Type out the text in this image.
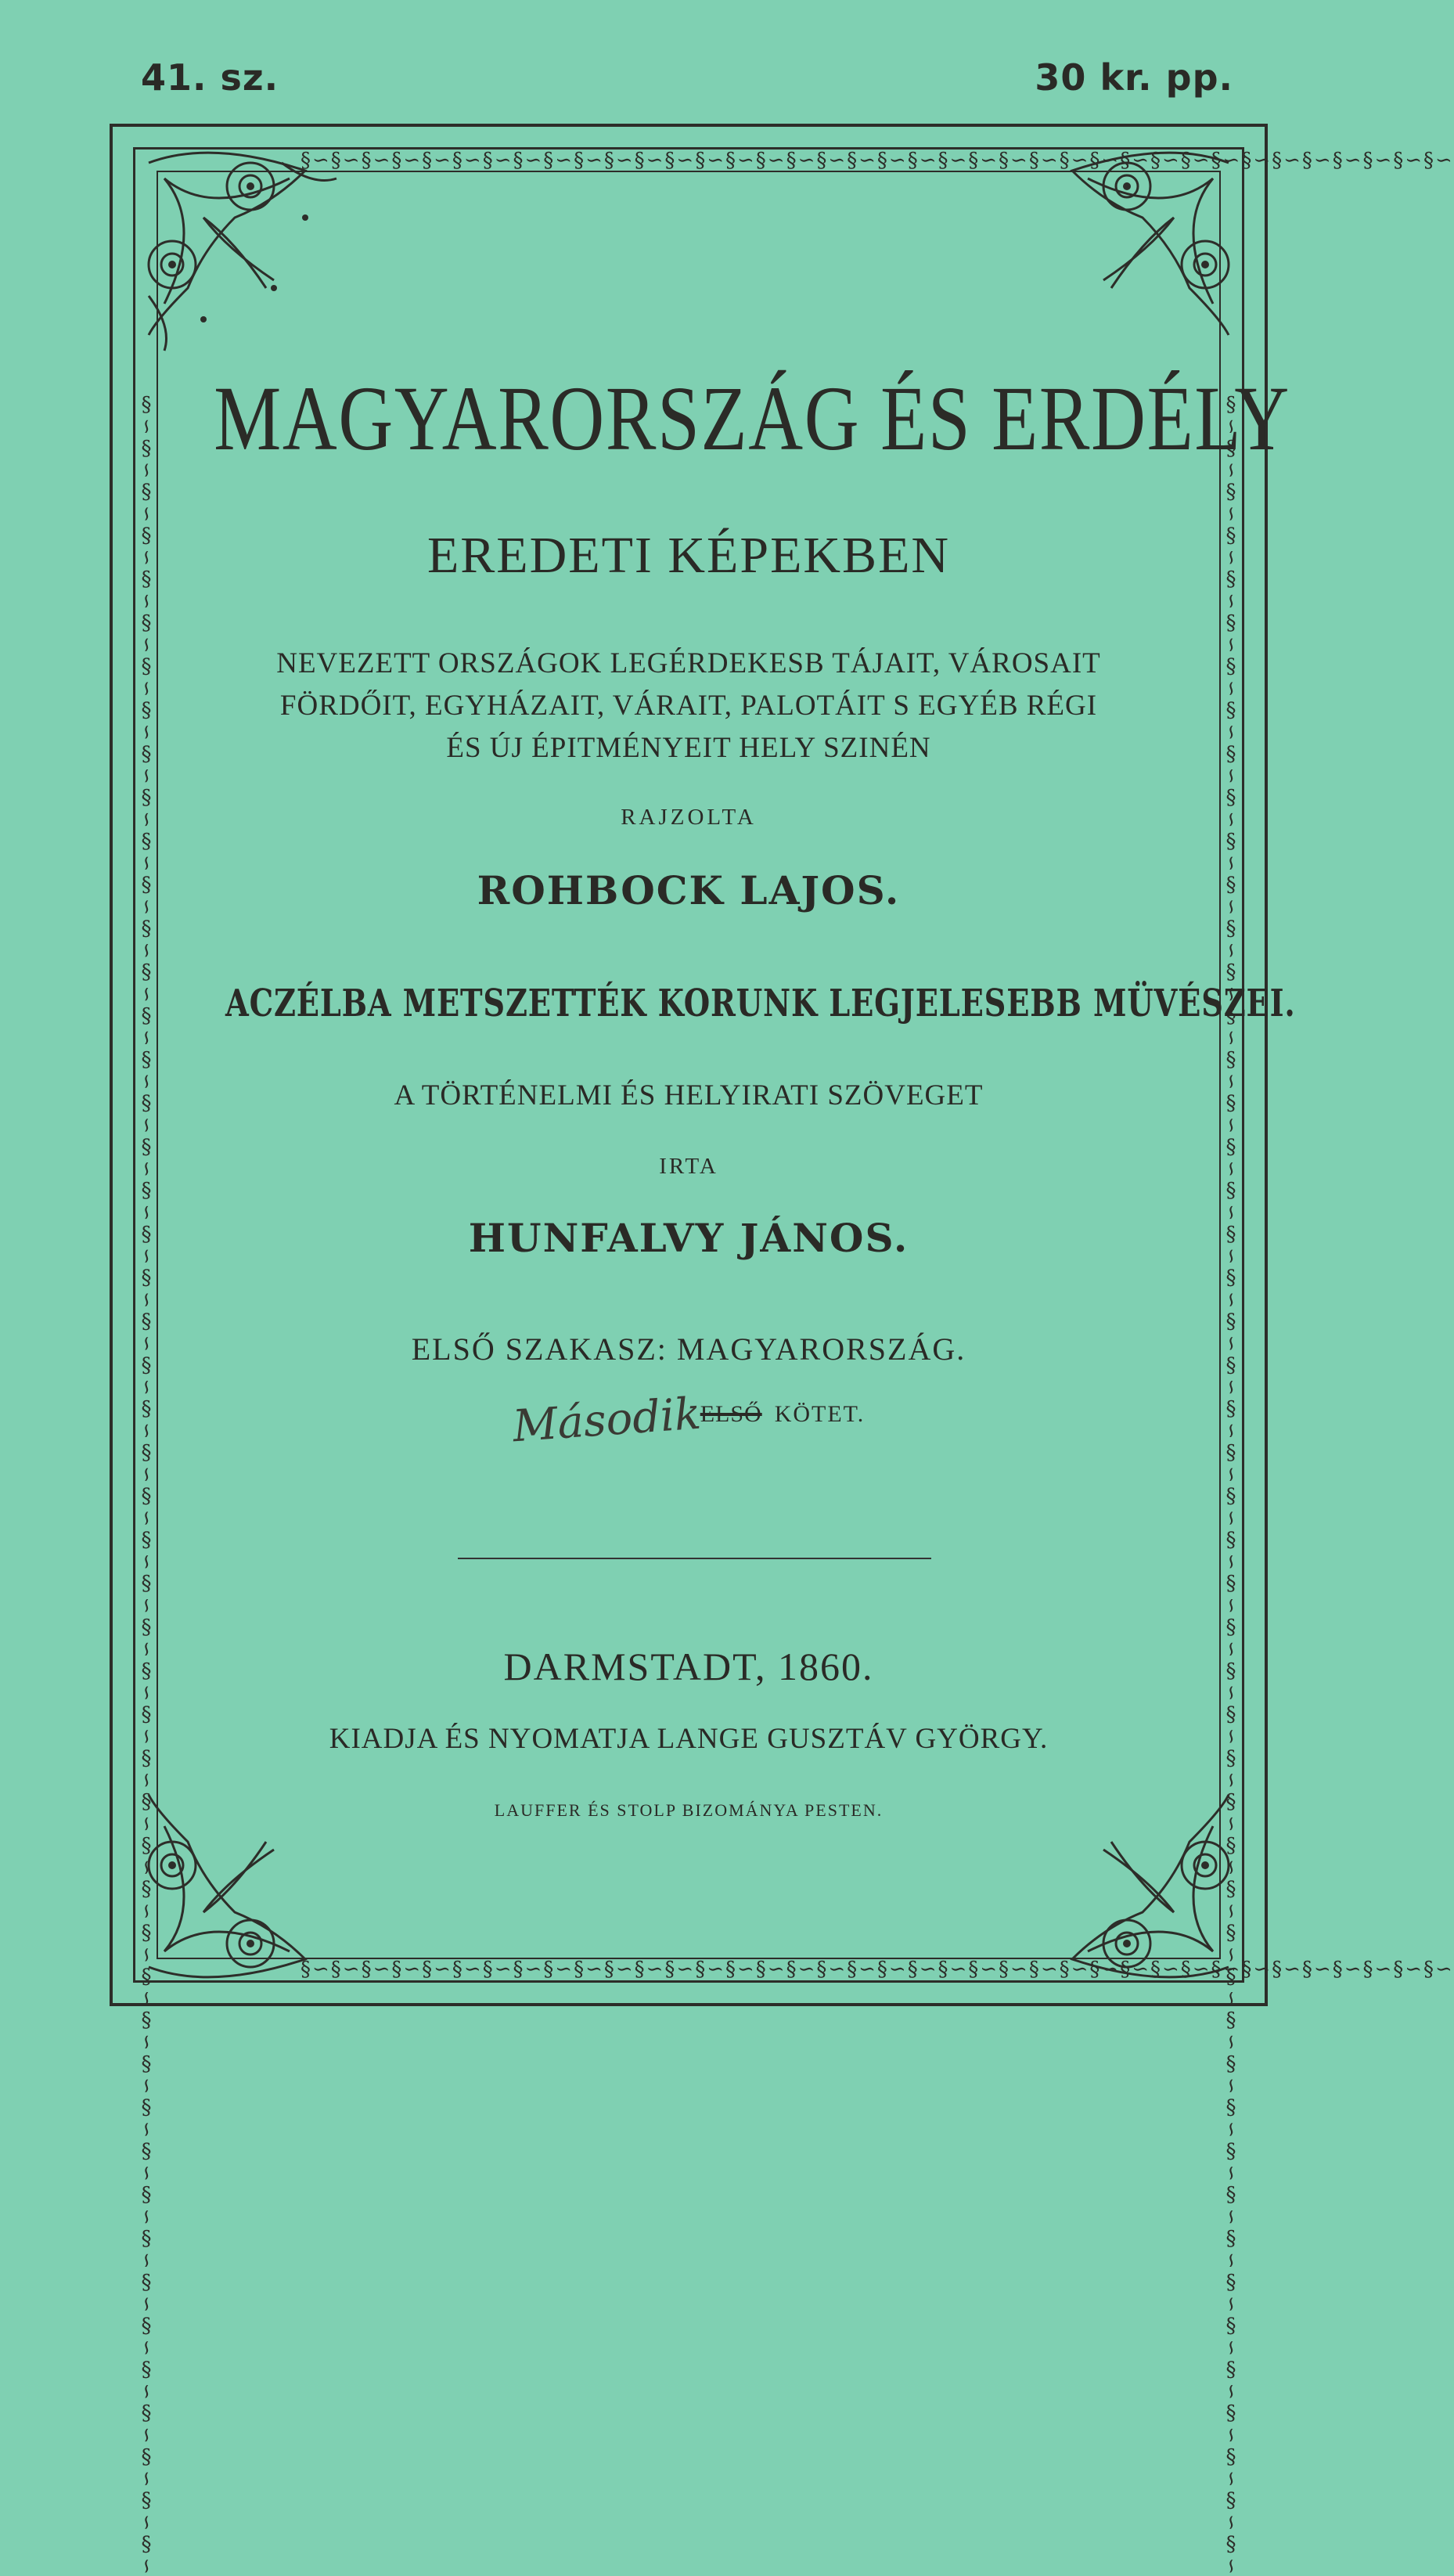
41. sz.	30 kr. pp.
§∽§∽§∽§∽§∽§∽§∽§∽§∽§∽§∽§∽§∽§∽§∽§∽§∽§∽§∽§∽§∽§∽§∽§∽§∽§∽§∽§∽§∽§∽§∽§∽§∽§∽§∽§∽§∽§∽
§∽§∽§∽§∽§∽§∽§∽§∽§∽§∽§∽§∽§∽§∽§∽§∽§∽§∽§∽§∽§∽§∽§∽§∽§∽§∽§∽§∽§∽§∽§∽§∽§∽§∽§∽§∽§∽§∽
§∽§∽§∽§∽§∽§∽§∽§∽§∽§∽§∽§∽§∽§∽§∽§∽§∽§∽§∽§∽§∽§∽§∽§∽§∽§∽§∽§∽§∽§∽§∽§∽§∽§∽§∽§∽§∽§∽§∽§∽§∽§∽§∽§∽§∽§∽§∽§∽§∽§∽	§∽§∽§∽§∽§∽§∽§∽§∽§∽§∽§∽§∽§∽§∽§∽§∽§∽§∽§∽§∽§∽§∽§∽§∽§∽§∽§∽§∽§∽§∽§∽§∽§∽§∽§∽§∽§∽§∽§∽§∽§∽§∽§∽§∽§∽§∽§∽§∽§∽§∽
MAGYARORSZÁG ÉS ERDÉLY
EREDETI KÉPEKBEN
NEVEZETT ORSZÁGOK LEGÉRDEKESB TÁJAIT, VÁROSAIT
FÖRDŐIT, EGYHÁZAIT, VÁRAIT, PALOTÁIT S EGYÉB RÉGI
ÉS ÚJ ÉPITMÉNYEIT HELY SZINÉN
RAJZOLTA
ROHBOCK LAJOS.
ACZÉLBA METSZETTÉK KORUNK LEGJELESEBB MÜVÉSZEI.
A TÖRTÉNELMI ÉS HELYIRATI SZÖVEGET
IRTA
HUNFALVY JÁNOS.
ELSŐ SZAKASZ: MAGYARORSZÁG.
Második
ELSŐ KÖTET.
DARMSTADT, 1860.
KIADJA ÉS NYOMATJA LANGE GUSZTÁV GYÖRGY.
LAUFFER ÉS STOLP BIZOMÁNYA PESTEN.
